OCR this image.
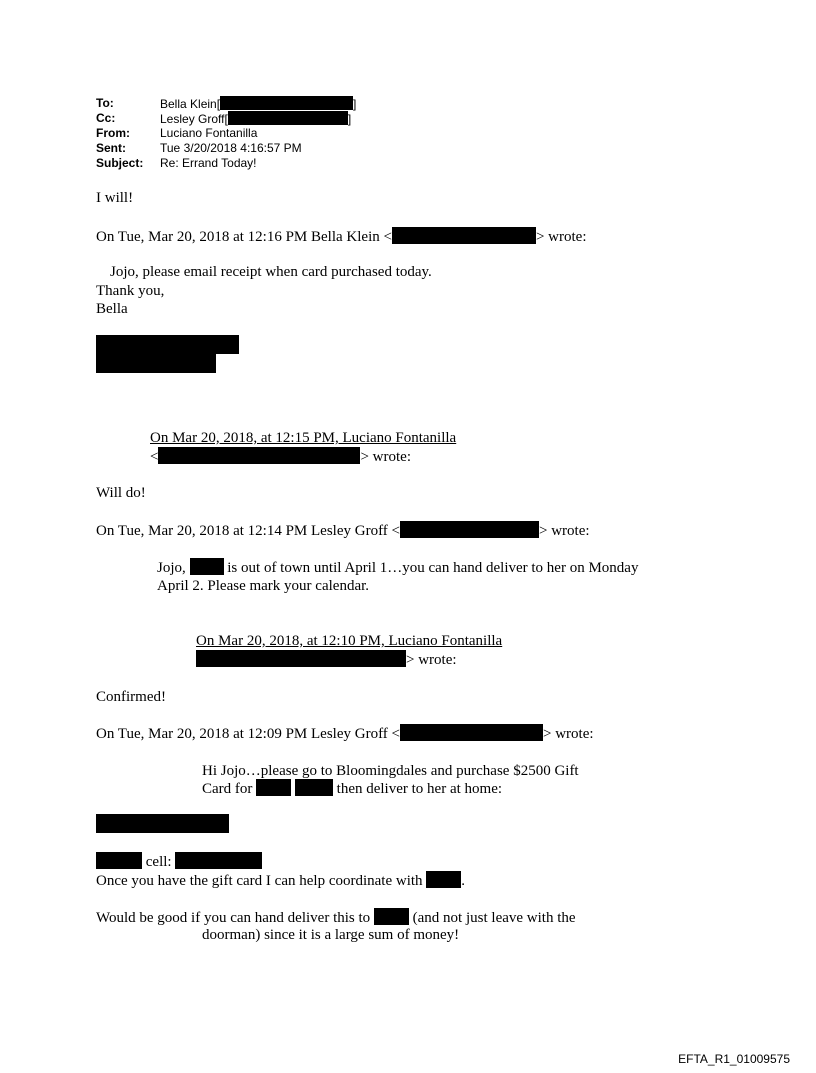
To:	Bella Klein[	]
Cc:	Lesley Groff[	]
From:	Luciano Fontanilla
Sent:	Tue 3/20/2018 4:16:57 PM
Subject: Re: Errand Today!
I will!
On Tue, Mar 20, 2018 at 12:16 PM Bella Klein <	> wrote:
Jojo, please email receipt when card purchased today.
Thank you,
Bella
On Mar 20, 2018, at 12:15 PM, Luciano Fontanilla
<	> wrote:
Will do!
On Tue, Mar 20, 2018 at 12:14 PM Lesley Groff <	> wrote:
Jojo,	is out of town until April 1…you can hand deliver to her on Monday
April 2. Please mark your calendar.
On Mar 20, 2018, at 12:10 PM, Luciano Fontanilla
> wrote:
Confirmed!
On Tue, Mar 20, 2018 at 12:09 PM Lesley Groff <	> wrote:
Hi Jojo…please go to Bloomingdales and purchase $2500 Gift
Card for	then deliver to her at home:
cell:
Once you have the gift card I can help coordinate with	.
Would be good if you can hand deliver this to	(and not just leave with the
doorman) since it is a large sum of money!
EFTA_R1_01009575
